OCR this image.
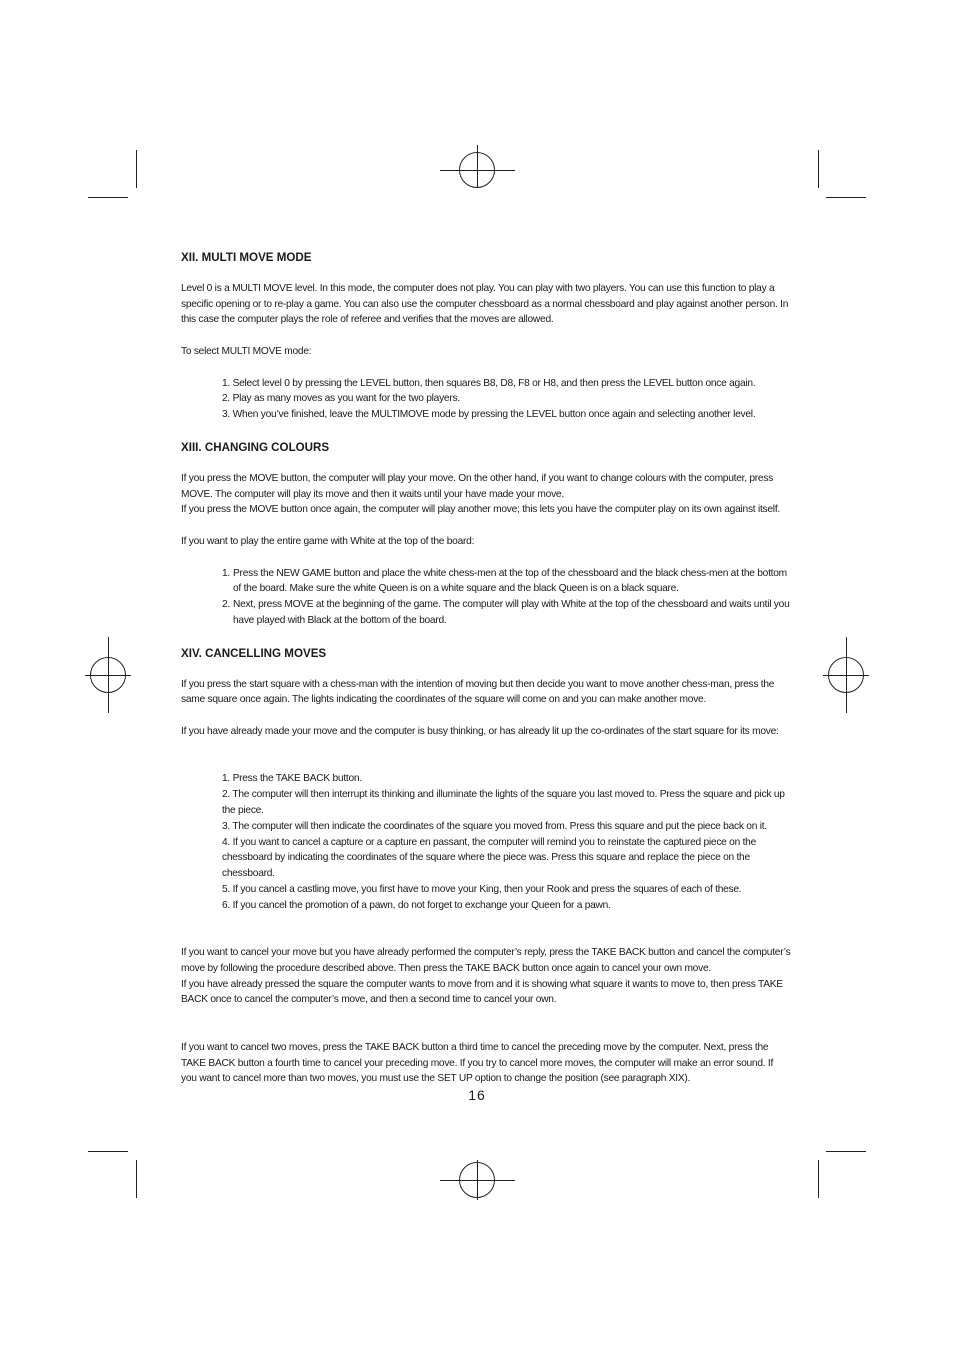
XII. MULTI MOVE MODE

Level 0 is a MULTI MOVE level. In this mode, the computer does not play. You can play with two players. You can use this function to play a specific opening or to re-play a game. You can also use the computer chessboard as a normal chessboard and play against another person. In this case the computer plays the role of referee and verifies that the moves are allowed.

To select MULTI MOVE mode:

1. Select level 0 by pressing the LEVEL button, then squares B8, D8, F8 or H8, and then press the LEVEL button once again.
2. Play as many moves as you want for the two players.
3. When you’ve finished, leave the MULTIMOVE mode by pressing the LEVEL button once again and selecting another level.
XIII. CHANGING COLOURS

If you press the MOVE button, the computer will play your move. On the other hand, if you want to change colours with the computer, press MOVE. The computer will play its move and then it waits until your have made your move.

If you press the MOVE button once again, the computer will play another move; this lets you have the computer play on its own against itself.

If you want to play the entire game with White at the top of the board:

1. Press the NEW GAME button and place the white chess-men at the top of the chessboard and the black chess-men at the bottom of the board. Make sure the white Queen is on a white square and the black Queen is on a black square.
2. Next, press MOVE at the beginning of the game. The computer will play with White at the top of the chessboard and waits until you have played with Black at the bottom of the board.
XIV. CANCELLING MOVES

If you press the start square with a chess-man with the intention of moving but then decide you want to move another chess-man, press the same square once again. The lights indicating the coordinates of the square will come on and you can make another move.

If you have already made your move and the computer is busy thinking, or has already lit up the co-ordinates of the start square for its move:

1. Press the TAKE BACK button.
2. The computer will then interrupt its thinking and illuminate the lights of the square you last moved to. Press the square and pick up the piece.
3. The computer will then indicate the coordinates of the square you moved from. Press this square and put the piece back on it.
4. If you want to cancel a capture or a capture en passant, the computer will remind you to reinstate the captured piece on the chessboard by indicating the coordinates of the square where the piece was. Press this square and replace the piece on the chessboard.
5. If you cancel a castling move, you first have to move your King, then your Rook and press the squares of each of these.
6. If you cancel the promotion of a pawn, do not forget to exchange your Queen for a pawn.

If you want to cancel your move but you have already performed the computer’s reply, press the TAKE BACK button and cancel the computer’s move by following the procedure described above. Then press the TAKE BACK button once again to cancel your own move.

If you have already pressed the square the computer wants to move from and it is showing what square it wants to move to, then press TAKE BACK once to cancel the computer’s move, and then a second time to cancel your own.

If you want to cancel two moves, press the TAKE BACK button a third time to cancel the preceding move by the computer. Next, press the TAKE BACK button a fourth time to cancel your preceding move. If you try to cancel more moves, the computer will make an error sound. If you want to cancel more than two moves, you must use the SET UP option to change the position (see paragraph XIX).

16
